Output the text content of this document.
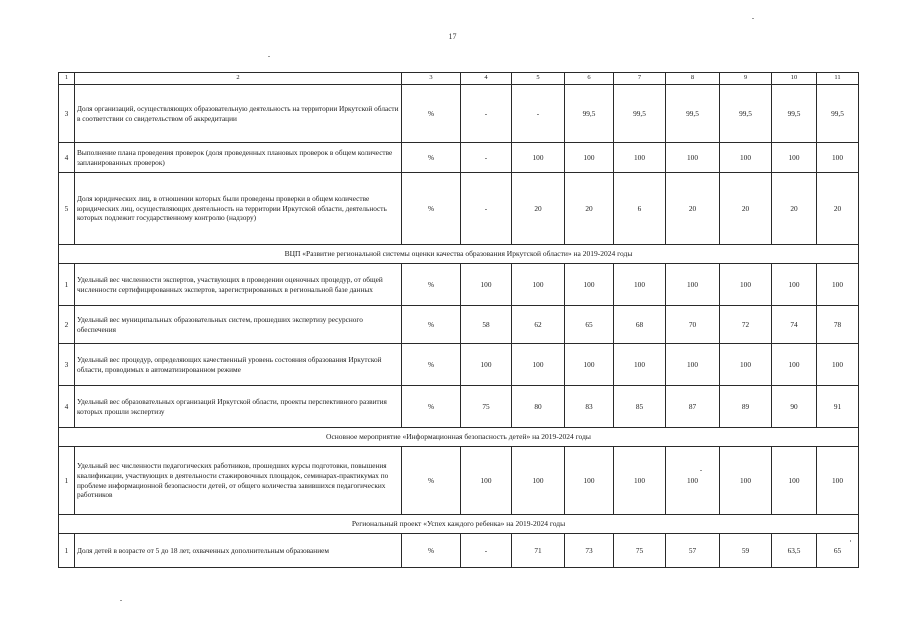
17
1	2	3	4	5	6	7	8	9	10	11
3	Доля организаций, осуществляющих образовательную деятельность на территории Иркутской области в соответствии со свидетельством об аккредитации	%	-	-	99,5	99,5	99,5	99,5	99,5	99,5
4	Выполнение плана проведения проверок (доля проведенных плановых проверок в общем количестве запланированных проверок)	%	-	100	100	100	100	100	100	100
5	Доля юридических лиц, в отношении которых были проведены проверки в общем количестве юридических лиц, осуществляющих деятельность на территории Иркутской области, деятельность которых подлежит государственному контролю (надзору)	%	-	20	20	6	20	20	20	20
ВЦП «Развитие региональной системы оценки качества образования Иркутской области» на 2019-2024 годы										
1	Удельный вес численности экспертов, участвующих в проведении оценочных процедур, от общей численности сертифицированных экспертов, зарегистрированных в региональной базе данных	%	100	100	100	100	100	100	100	100
2	Удельный вес муниципальных образовательных систем, прошедших экспертизу ресурсного обеспечения	%	58	62	65	68	70	72	74	78
3	Удельный вес процедур, определяющих качественный уровень состояния образования Иркутской области, проводимых в автоматизированном режиме	%	100	100	100	100	100	100	100	100
4	Удельный вес образовательных организаций Иркутской области, проекты перспективного развития которых прошли экспертизу	%	75	80	83	85	87	89	90	91
Основное мероприятие «Информационная безопасность детей» на 2019-2024 годы										
1	Удельный вес численности педагогических работников, прошедших курсы подготовки, повышения квалификации, участвующих в деятельности стажировочных площадок, семинарах-практикумах по проблеме информационной безопасности детей, от общего количества завившихся педагогических работников	%	100	100	100	100	100	100	100	100
Региональный проект «Успех каждого ребенка» на 2019-2024 годы										
1	Доля детей в возрасте от 5 до 18 лет, охваченных дополнительным образованием	%	-	71	73	75	57	59	63,5	65
